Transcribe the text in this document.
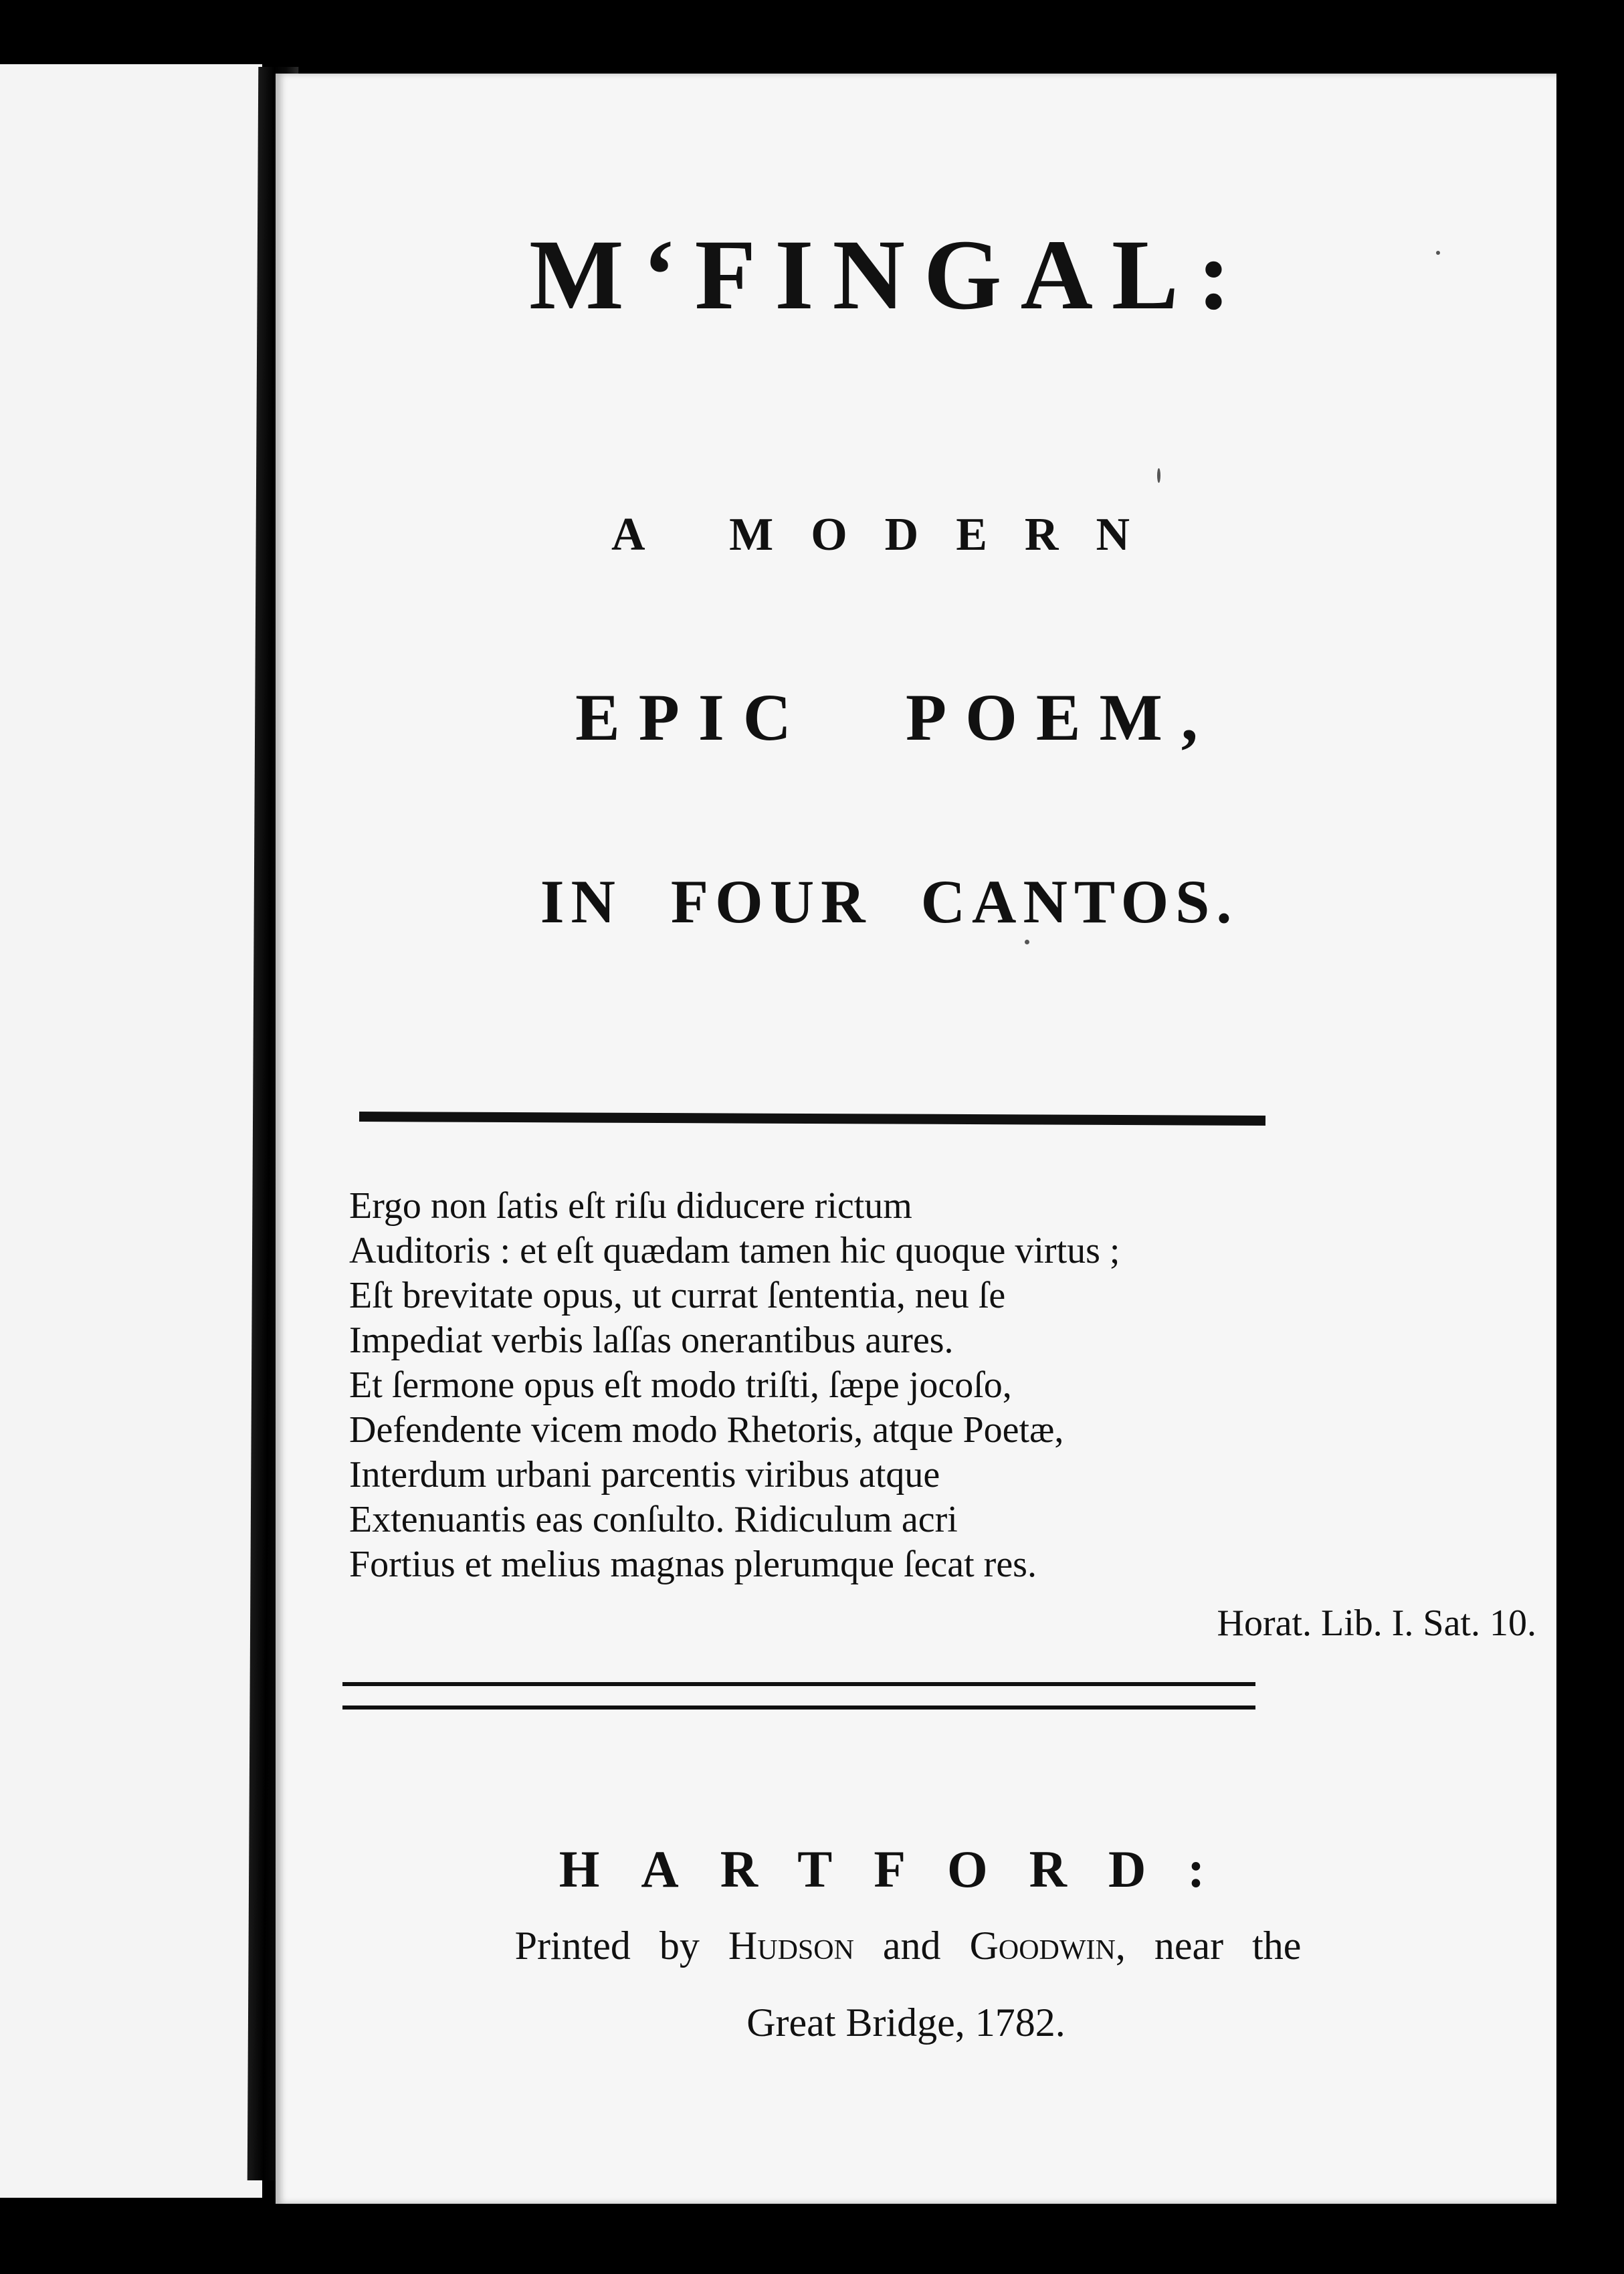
M‘FINGAL:
A MODERN
EPIC POEM,
IN FOUR CANTOS.
Ergo non ſatis eſt riſu diducere rictum
Auditoris : et eſt quædam tamen hic quoque virtus ;
Eſt brevitate opus, ut currat ſententia, neu ſe
Impediat verbis laſſas onerantibus aures.
Et ſermone opus eſt modo triſti, ſæpe jocoſo,
Defendente vicem modo Rhetoris, atque Poetæ,
Interdum urbani parcentis viribus atque
Extenuantis eas conſulto. Ridiculum acri
Fortius et melius magnas plerumque ſecat res.
Horat. Lib. I. Sat. 10.
HARTFORD:
Printed by Hudson and Goodwin, near the
Great Bridge, 1782.
